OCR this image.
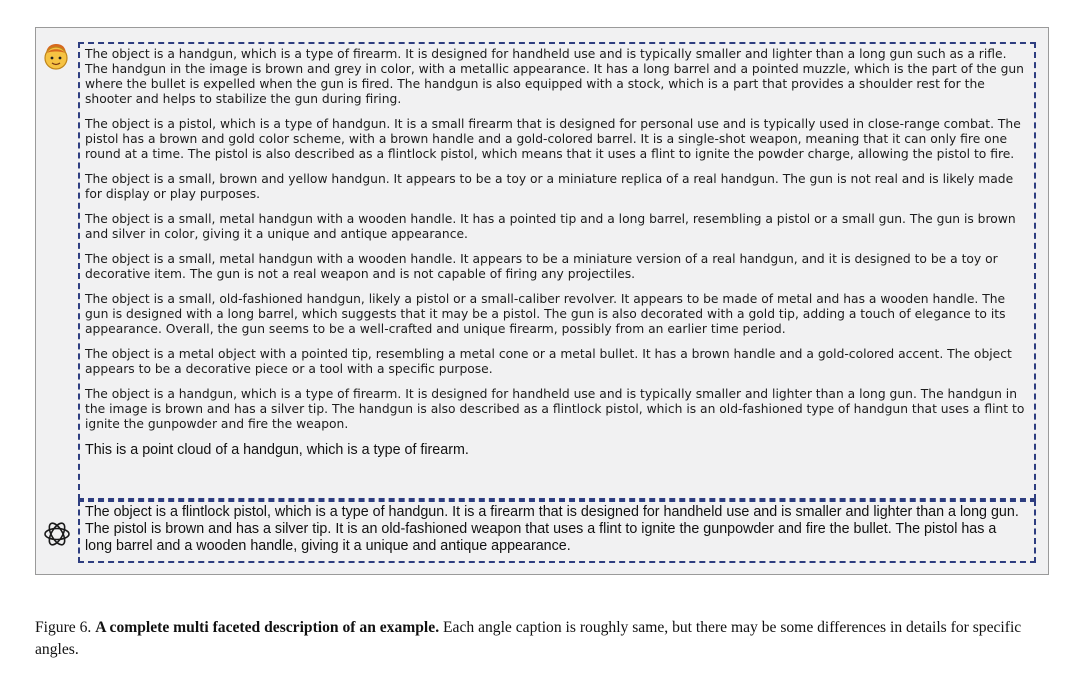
The object is a handgun, which is a type of firearm. It is designed for handheld use and is typically smaller and lighter than a long gun such as a rifle. The handgun in the image is brown and grey in color, with a metallic appearance. It has a long barrel and a pointed muzzle, which is the part of the gun where the bullet is expelled when the gun is fired. The handgun is also equipped with a stock, which is a part that provides a shoulder rest for the shooter and helps to stabilize the gun during firing.

The object is a pistol, which is a type of handgun. It is a small firearm that is designed for personal use and is typically used in close-range combat. The pistol has a brown and gold color scheme, with a brown handle and a gold-colored barrel. It is a single-shot weapon, meaning that it can only fire one round at a time. The pistol is also described as a flintlock pistol, which means that it uses a flint to ignite the powder charge, allowing the pistol to fire.

The object is a small, brown and yellow handgun. It appears to be a toy or a miniature replica of a real handgun. The gun is not real and is likely made for display or play purposes.

The object is a small, metal handgun with a wooden handle. It has a pointed tip and a long barrel, resembling a pistol or a small gun. The gun is brown and silver in color, giving it a unique and antique appearance.

The object is a small, metal handgun with a wooden handle. It appears to be a miniature version of a real handgun, and it is designed to be a toy or decorative item. The gun is not a real weapon and is not capable of firing any projectiles.

The object is a small, old-fashioned handgun, likely a pistol or a small-caliber revolver. It appears to be made of metal and has a wooden handle. The gun is designed with a long barrel, which suggests that it may be a pistol. The gun is also decorated with a gold tip, adding a touch of elegance to its appearance. Overall, the gun seems to be a well-crafted and unique firearm, possibly from an earlier time period.

The object is a metal object with a pointed tip, resembling a metal cone or a metal bullet. It has a brown handle and a gold-colored accent. The object appears to be a decorative piece or a tool with a specific purpose.

The object is a handgun, which is a type of firearm. It is designed for handheld use and is typically smaller and lighter than a long gun. The handgun in the image is brown and has a silver tip. The handgun is also described as a flintlock pistol, which is an old-fashioned type of handgun that uses a flint to ignite the gunpowder and fire the weapon.

This is a point cloud of a handgun, which is a type of firearm.

The object is a flintlock pistol, which is a type of handgun. It is a firearm that is designed for handheld use and is smaller and lighter than a long gun. The pistol is brown and has a silver tip. It is an old-fashioned weapon that uses a flint to ignite the gunpowder and fire the bullet. The pistol has a long barrel and a wooden handle, giving it a unique and antique appearance.

Figure 6. A complete multi faceted description of an example. Each angle caption is roughly same, but there may be some differences in details for specific angles.
